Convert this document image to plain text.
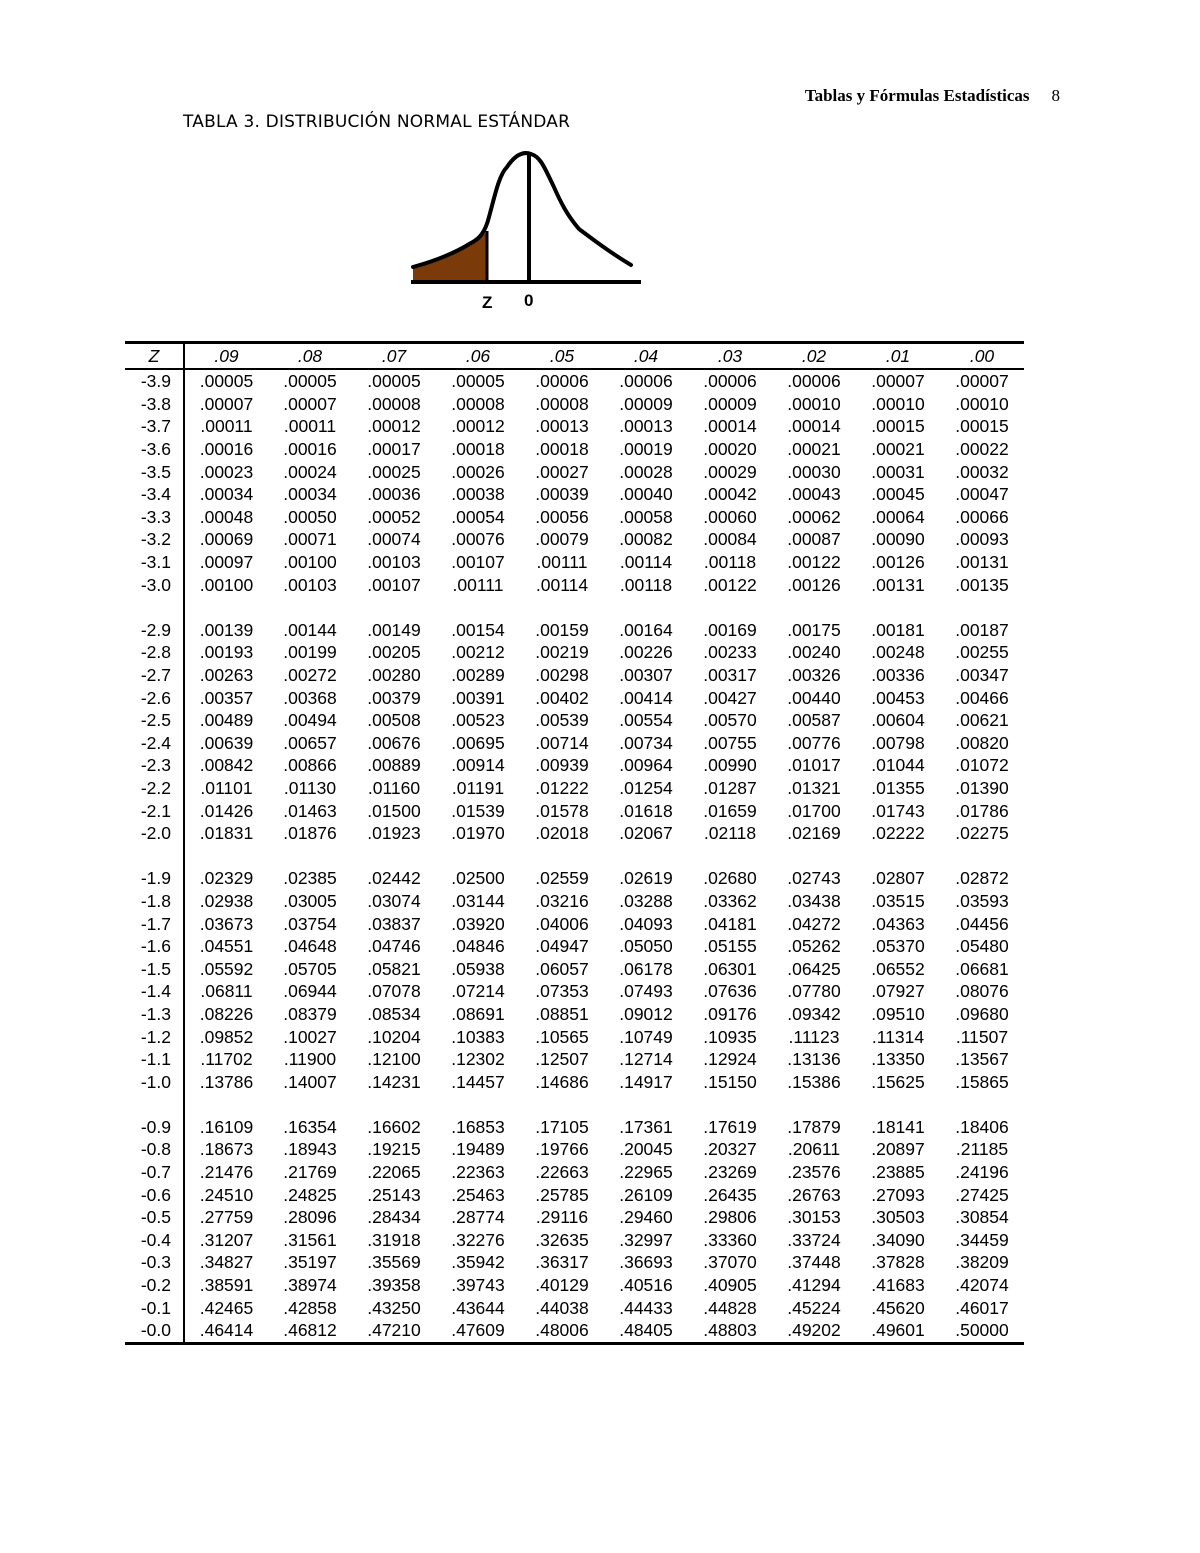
Tablas y Fórmulas Estadísticas 8
TABLA 3. DISTRIBUCIÓN NORMAL ESTÁNDAR
Z 0
Z	.09	.08	.07	.06	.05	.04	.03	.02	.01	.00
-3.9	.00005	.00005	.00005	.00005	.00006	.00006	.00006	.00006	.00007	.00007
-3.8	.00007	.00007	.00008	.00008	.00008	.00009	.00009	.00010	.00010	.00010
-3.7	.00011	.00011	.00012	.00012	.00013	.00013	.00014	.00014	.00015	.00015
-3.6	.00016	.00016	.00017	.00018	.00018	.00019	.00020	.00021	.00021	.00022
-3.5	.00023	.00024	.00025	.00026	.00027	.00028	.00029	.00030	.00031	.00032
-3.4	.00034	.00034	.00036	.00038	.00039	.00040	.00042	.00043	.00045	.00047
-3.3	.00048	.00050	.00052	.00054	.00056	.00058	.00060	.00062	.00064	.00066
-3.2	.00069	.00071	.00074	.00076	.00079	.00082	.00084	.00087	.00090	.00093
-3.1	.00097	.00100	.00103	.00107	.00111	.00114	.00118	.00122	.00126	.00131
-3.0	.00100	.00103	.00107	.00111	.00114	.00118	.00122	.00126	.00131	.00135

-2.9	.00139	.00144	.00149	.00154	.00159	.00164	.00169	.00175	.00181	.00187
-2.8	.00193	.00199	.00205	.00212	.00219	.00226	.00233	.00240	.00248	.00255
-2.7	.00263	.00272	.00280	.00289	.00298	.00307	.00317	.00326	.00336	.00347
-2.6	.00357	.00368	.00379	.00391	.00402	.00414	.00427	.00440	.00453	.00466
-2.5	.00489	.00494	.00508	.00523	.00539	.00554	.00570	.00587	.00604	.00621
-2.4	.00639	.00657	.00676	.00695	.00714	.00734	.00755	.00776	.00798	.00820
-2.3	.00842	.00866	.00889	.00914	.00939	.00964	.00990	.01017	.01044	.01072
-2.2	.01101	.01130	.01160	.01191	.01222	.01254	.01287	.01321	.01355	.01390
-2.1	.01426	.01463	.01500	.01539	.01578	.01618	.01659	.01700	.01743	.01786
-2.0	.01831	.01876	.01923	.01970	.02018	.02067	.02118	.02169	.02222	.02275

-1.9	.02329	.02385	.02442	.02500	.02559	.02619	.02680	.02743	.02807	.02872
-1.8	.02938	.03005	.03074	.03144	.03216	.03288	.03362	.03438	.03515	.03593
-1.7	.03673	.03754	.03837	.03920	.04006	.04093	.04181	.04272	.04363	.04456
-1.6	.04551	.04648	.04746	.04846	.04947	.05050	.05155	.05262	.05370	.05480
-1.5	.05592	.05705	.05821	.05938	.06057	.06178	.06301	.06425	.06552	.06681
-1.4	.06811	.06944	.07078	.07214	.07353	.07493	.07636	.07780	.07927	.08076
-1.3	.08226	.08379	.08534	.08691	.08851	.09012	.09176	.09342	.09510	.09680
-1.2	.09852	.10027	.10204	.10383	.10565	.10749	.10935	.11123	.11314	.11507
-1.1	.11702	.11900	.12100	.12302	.12507	.12714	.12924	.13136	.13350	.13567
-1.0	.13786	.14007	.14231	.14457	.14686	.14917	.15150	.15386	.15625	.15865

-0.9	.16109	.16354	.16602	.16853	.17105	.17361	.17619	.17879	.18141	.18406
-0.8	.18673	.18943	.19215	.19489	.19766	.20045	.20327	.20611	.20897	.21185
-0.7	.21476	.21769	.22065	.22363	.22663	.22965	.23269	.23576	.23885	.24196
-0.6	.24510	.24825	.25143	.25463	.25785	.26109	.26435	.26763	.27093	.27425
-0.5	.27759	.28096	.28434	.28774	.29116	.29460	.29806	.30153	.30503	.30854
-0.4	.31207	.31561	.31918	.32276	.32635	.32997	.33360	.33724	.34090	.34459
-0.3	.34827	.35197	.35569	.35942	.36317	.36693	.37070	.37448	.37828	.38209
-0.2	.38591	.38974	.39358	.39743	.40129	.40516	.40905	.41294	.41683	.42074
-0.1	.42465	.42858	.43250	.43644	.44038	.44433	.44828	.45224	.45620	.46017
-0.0	.46414	.46812	.47210	.47609	.48006	.48405	.48803	.49202	.49601	.50000
